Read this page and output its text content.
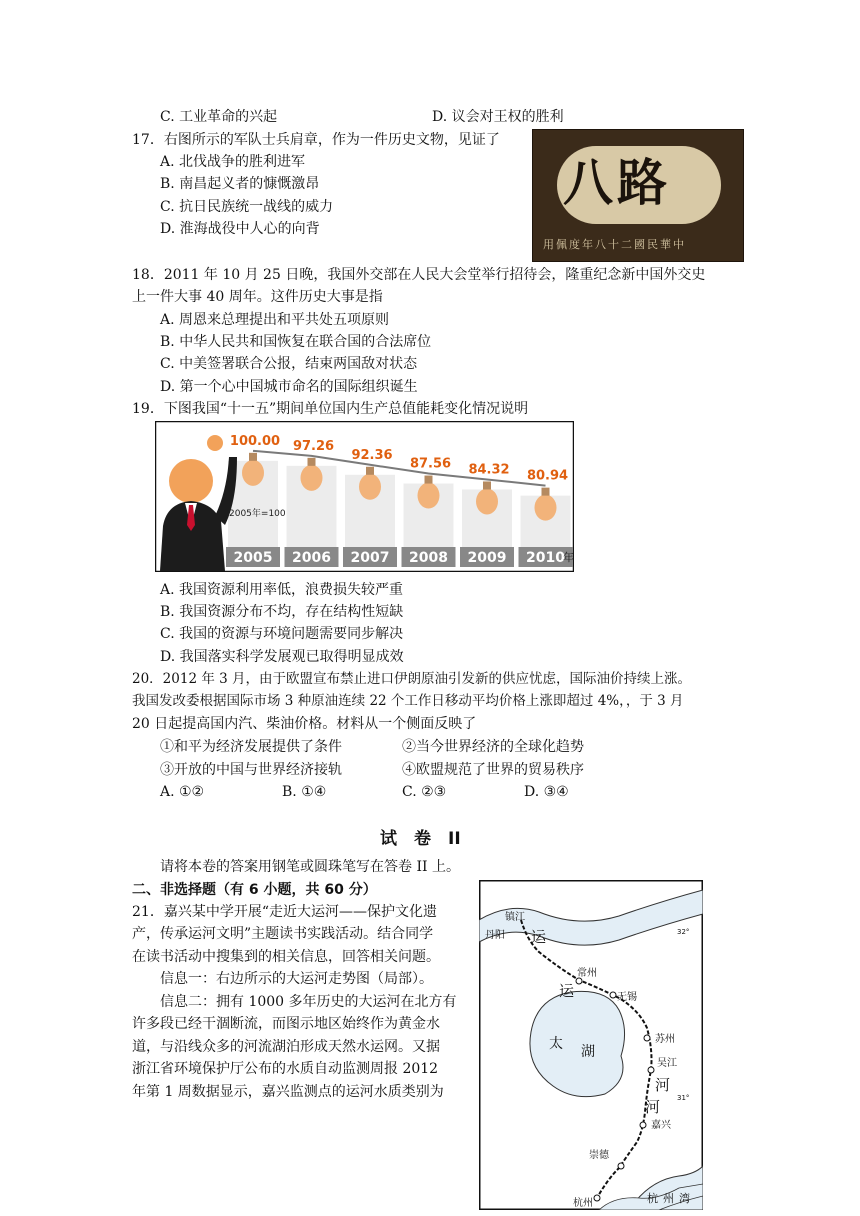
C. 工业革命的兴起	D. 议会对王权的胜利
17．右图所示的军队士兵肩章，作为一件历史文物，见证了
A. 北伐战争的胜利进军
B. 南昌起义者的慷慨激昂
C. 抗日民族统一战线的威力
D. 淮海战役中人心的向背
八路
中華民國二十八年度佩用
18．2011 年 10 月 25 日晚，我国外交部在人民大会堂举行招待会，隆重纪念新中国外交史
上一件大事 40 周年。这件历史大事是指
A. 周恩来总理提出和平共处五项原则
B. 中华人民共和国恢复在联合国的合法席位
C. 中美签署联合公报，结束两国敌对状态
D. 第一个心中国城市命名的国际组织诞生
19．下图我国“十一五”期间单位国内生产总值能耗变化情况说明
2005
100.00
2006
97.26
2007
92.36
2008
87.56
2009
84.32
2010
80.94
2005年=100
年
A. 我国资源利用率低，浪费损失较严重
B. 我国资源分布不均，存在结构性短缺
C. 我国的资源与环境问题需要同步解决
D. 我国落实科学发展观已取得明显成效
20．2012 年 3 月，由于欧盟宣布禁止进口伊朗原油引发新的供应忧虑，国际油价持续上涨。
我国发改委根据国际市场 3 种原油连续 22 个工作日移动平均价格上涨即超过 4%，，于 3 月
20 日起提高国内汽、柴油价格。材料从一个侧面反映了
①和平为经济发展提供了条件	②当今世界经济的全球化趋势
③开放的中国与世界经济接轨	④欧盟规范了世界的贸易秩序
A. ①②	B. ①④	C. ②③	D. ③④
试　卷　II
请将本卷的答案用钢笔或圆珠笔写在答卷 II 上。
二、非选择题（有 6 小题，共 60 分）
21．嘉兴某中学开展“走近大运河——保护文化遗
产，传承运河文明”主题读书实践活动。结合同学
在读书活动中搜集到的相关信息，回答相关问题。
信息一：右边所示的大运河走势图（局部）。
信息二：拥有 1000 多年历史的大运河在北方有
许多段已经干涸断流，而图示地区始终作为黄金水
道，与沿线众多的河流湖泊形成天然水运网。又据
浙江省环境保护厅公布的水质自动监测周报 2012
年第 1 周数据显示，嘉兴监测点的运河水质类别为
镇江
丹阳 运
常州
运	无锡
苏州
太 湖
吴江
河
河
嘉兴
崇德
杭州	杭 州 湾
32°
31°
